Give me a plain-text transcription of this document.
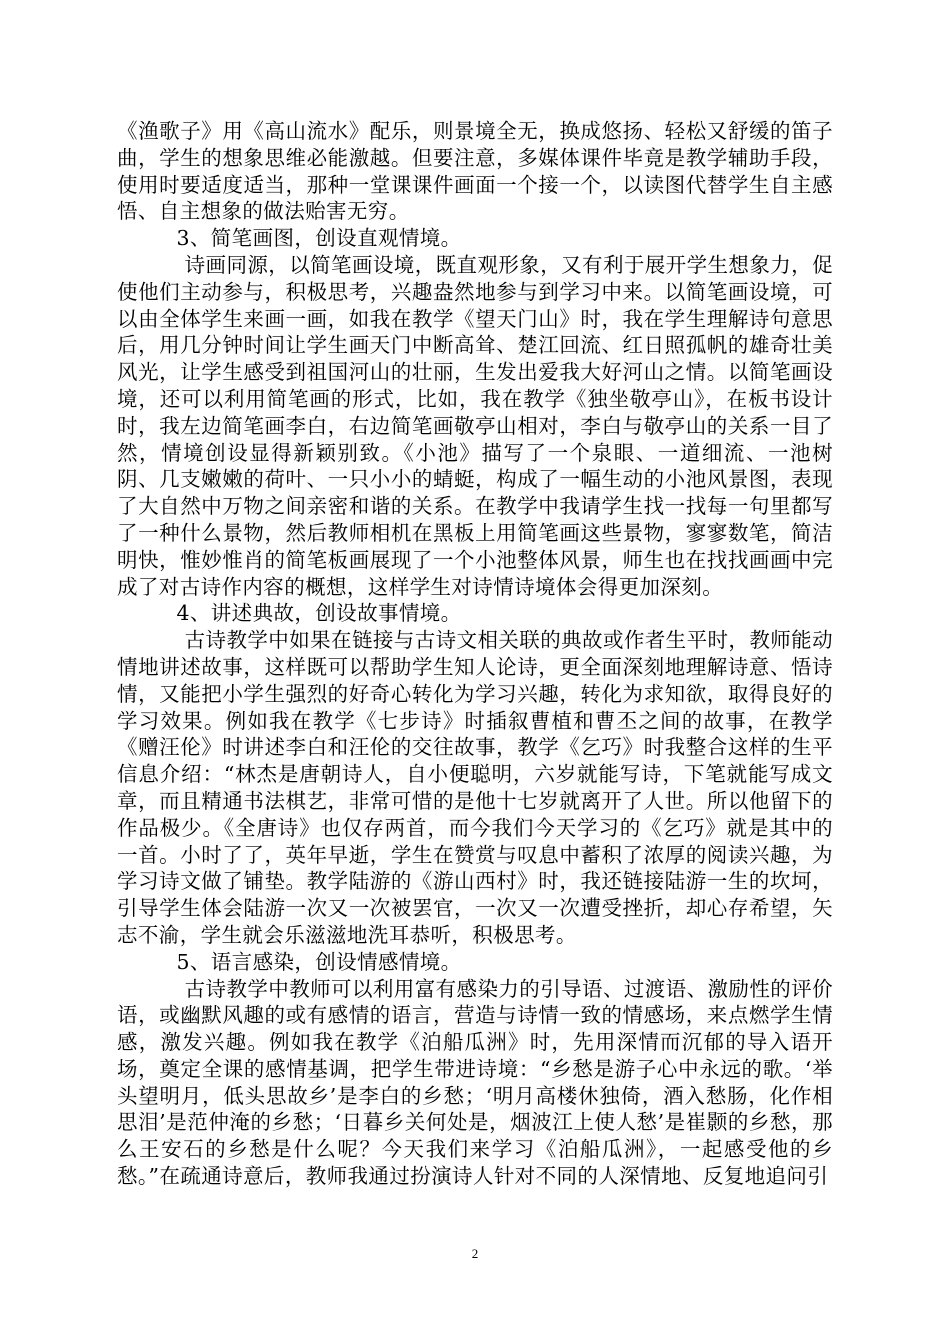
《渔歌子》用《高山流水》配乐，则景境全无，换成悠扬、轻松又舒缓的笛子曲，学生的想象思维必能激越。但要注意，多媒体课件毕竟是教学辅助手段，使用时要适度适当，那种一堂课课件画面一个接一个，以读图代替学生自主感悟、自主想象的做法贻害无穷。

3、简笔画图，创设直观情境。

诗画同源，以简笔画设境，既直观形象，又有利于展开学生想象力，促使他们主动参与，积极思考，兴趣盎然地参与到学习中来。以简笔画设境，可以由全体学生来画一画，如我在教学《望天门山》时，我在学生理解诗句意思后，用几分钟时间让学生画天门中断高耸、楚江回流、红日照孤帆的雄奇壮美风光，让学生感受到祖国河山的壮丽，生发出爱我大好河山之情。以简笔画设境，还可以利用简笔画的形式，比如，我在教学《独坐敬亭山》，在板书设计时，我左边简笔画李白，右边简笔画敬亭山相对，李白与敬亭山的关系一目了然，情境创设显得新颖别致。《小池》描写了一个泉眼、一道细流、一池树阴、几支嫩嫩的荷叶、一只小小的蜻蜓，构成了一幅生动的小池风景图，表现了大自然中万物之间亲密和谐的关系。在教学中我请学生找一找每一句里都写了一种什么景物，然后教师相机在黑板上用简笔画这些景物，寥寥数笔，简洁明快，惟妙惟肖的简笔板画展现了一个小池整体风景，师生也在找找画画中完成了对古诗作内容的概想，这样学生对诗情诗境体会得更加深刻。

4、讲述典故，创设故事情境。

古诗教学中如果在链接与古诗文相关联的典故或作者生平时，教师能动情地讲述故事，这样既可以帮助学生知人论诗，更全面深刻地理解诗意、悟诗情，又能把小学生强烈的好奇心转化为学习兴趣，转化为求知欲，取得良好的学习效果。例如我在教学《七步诗》时插叙曹植和曹丕之间的故事，在教学《赠汪伦》时讲述李白和汪伦的交往故事，教学《乞巧》时我整合这样的生平信息介绍：“林杰是唐朝诗人，自小便聪明，六岁就能写诗，下笔就能写成文章，而且精通书法棋艺，非常可惜的是他十七岁就离开了人世。所以他留下的作品极少。《全唐诗》也仅存两首，而今我们今天学习的《乞巧》就是其中的一首。小时了了，英年早逝，学生在赞赏与叹息中蓄积了浓厚的阅读兴趣，为学习诗文做了铺垫。教学陆游的《游山西村》时，我还链接陆游一生的坎坷，引导学生体会陆游一次又一次被罢官，一次又一次遭受挫折，却心存希望，矢志不渝，学生就会乐滋滋地洗耳恭听，积极思考。

5、语言感染，创设情感情境。

古诗教学中教师可以利用富有感染力的引导语、过渡语、激励性的评价语，或幽默风趣的或有感情的语言，营造与诗情一致的情感场，来点燃学生情感，激发兴趣。例如我在教学《泊船瓜洲》时，先用深情而沉郁的导入语开场，奠定全课的感情基调，把学生带进诗境：“乡愁是游子心中永远的歌。‘举头望明月，低头思故乡’是李白的乡愁；‘明月高楼休独倚，酒入愁肠，化作相思泪’是范仲淹的乡愁；‘日暮乡关何处是，烟波江上使人愁’是崔颢的乡愁，那么王安石的乡愁是什么呢？今天我们来学习《泊船瓜洲》，一起感受他的乡愁。”在疏通诗意后，教师我通过扮演诗人针对不同的人深情地、反复地追问引

2
